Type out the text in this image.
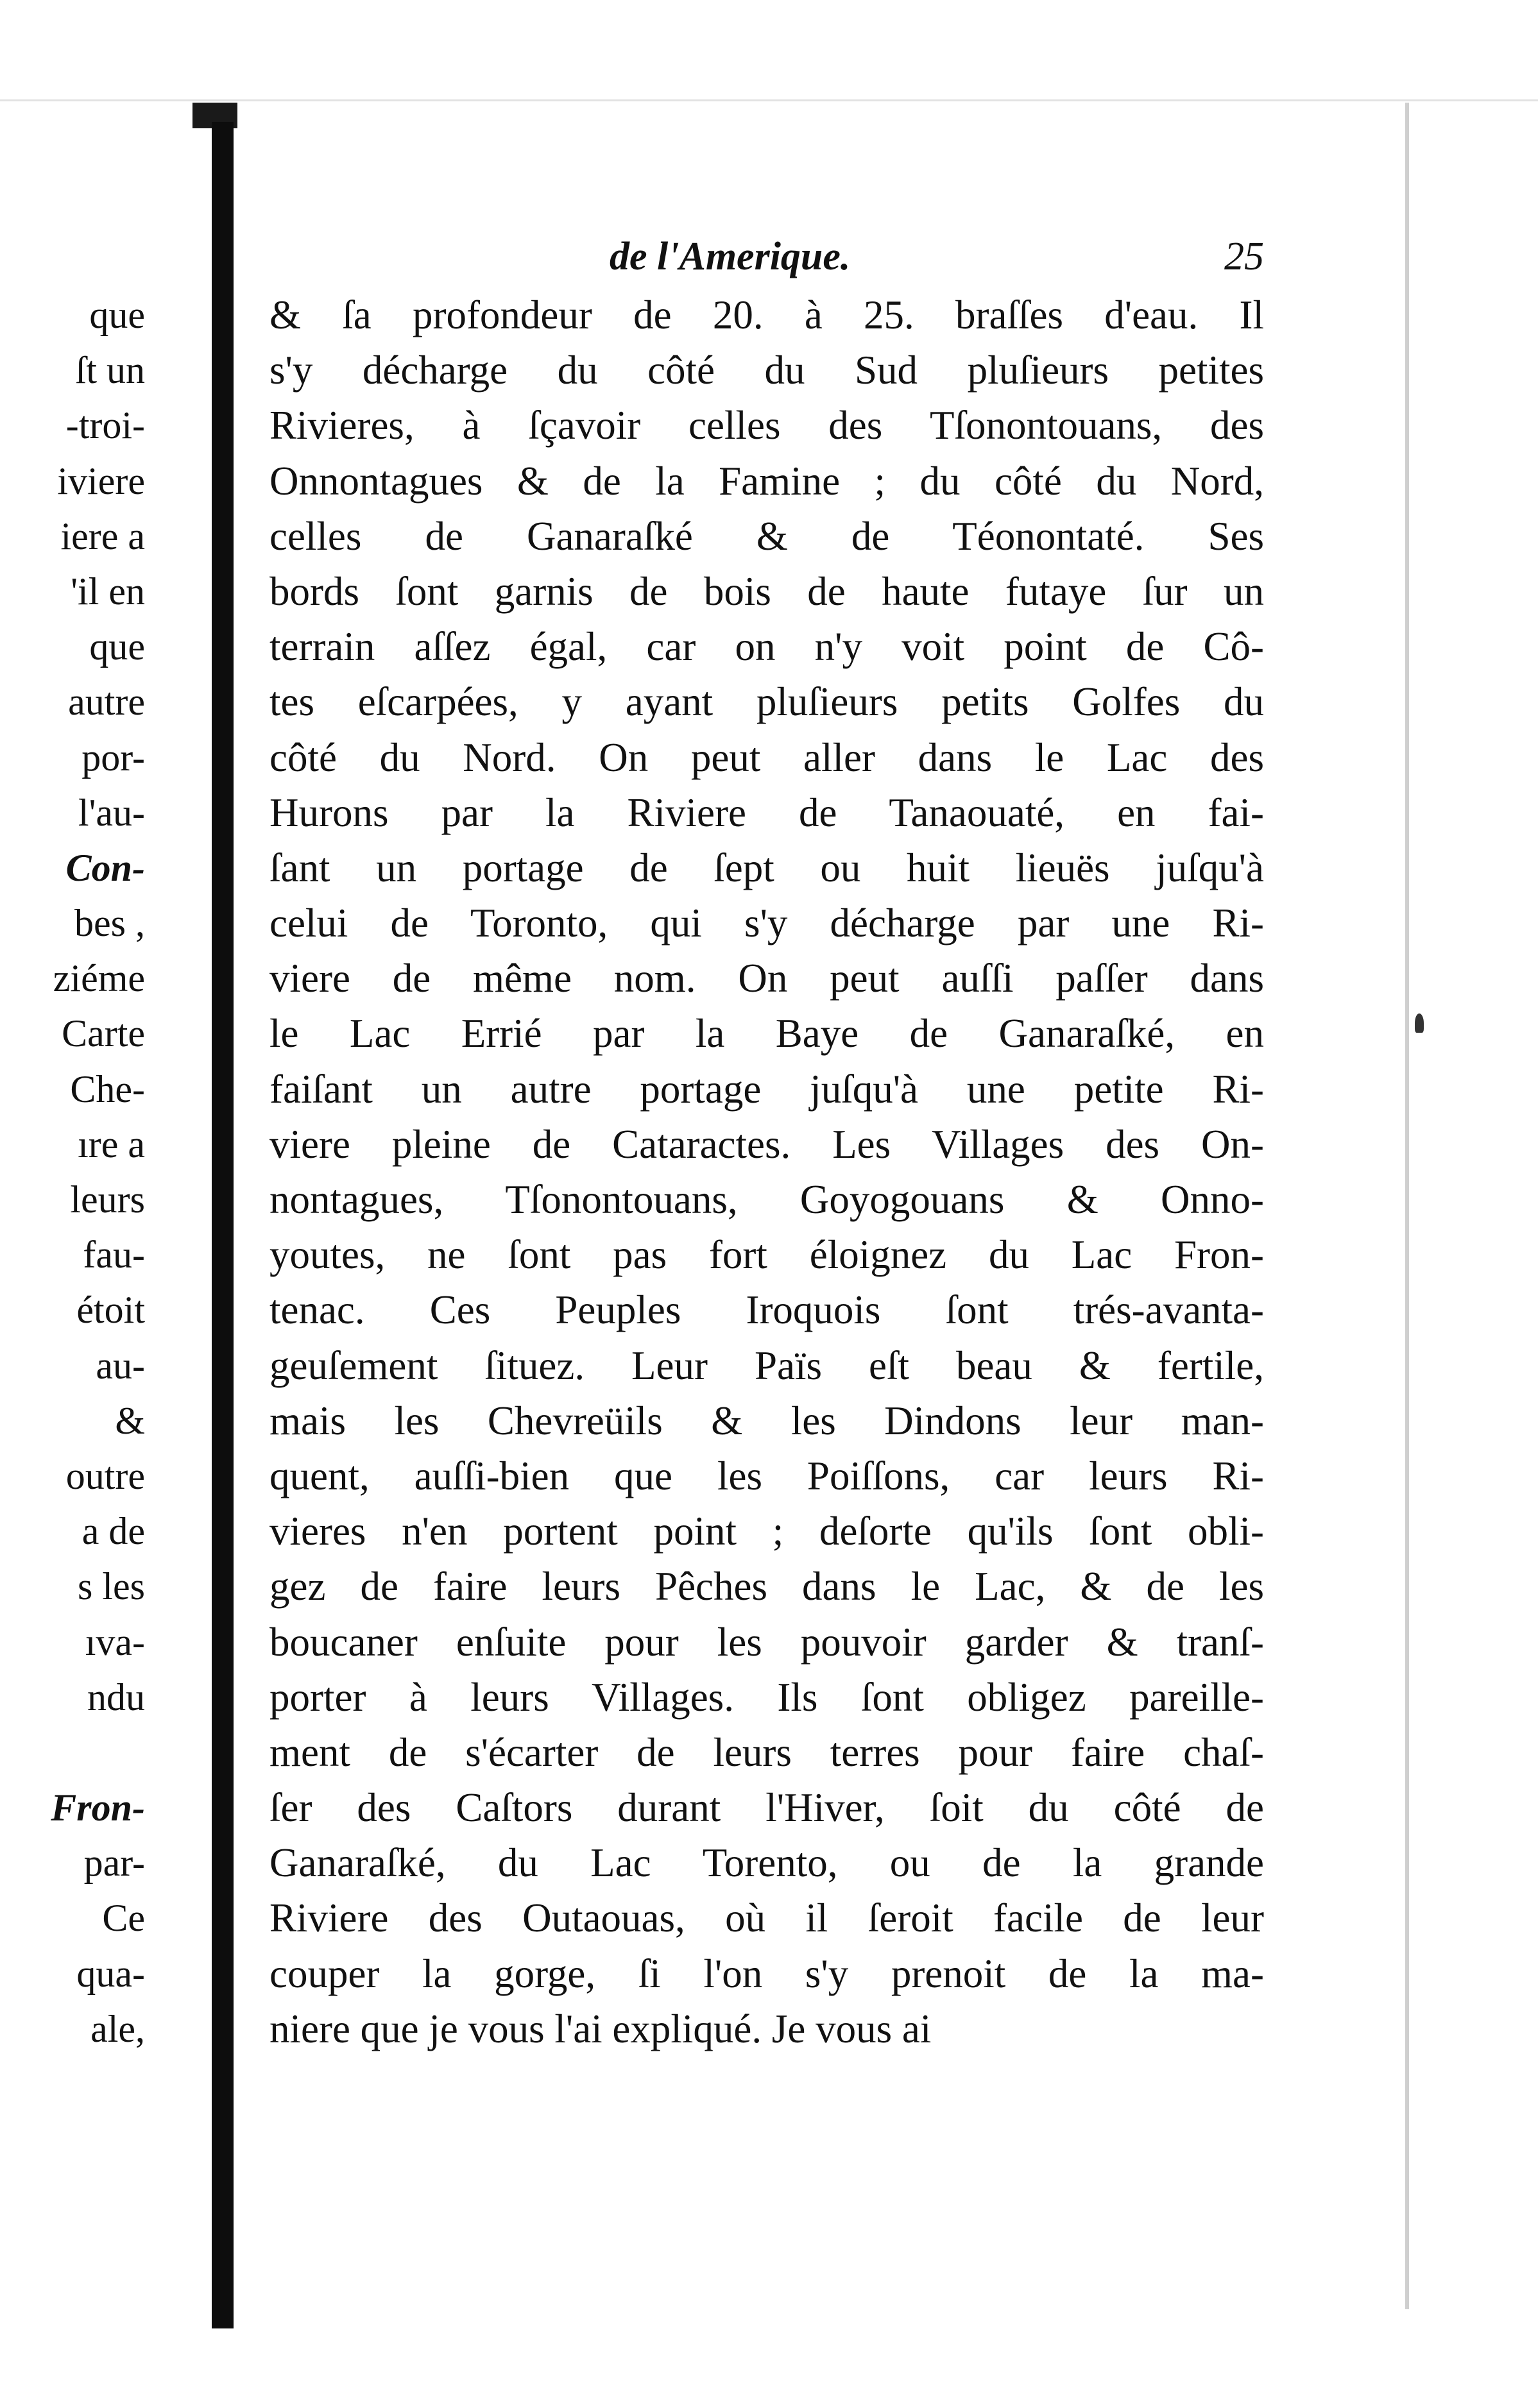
de l'Amerique.	25
que
ſt un
-troi-
iviere
iere a
'il en
que
autre
por-
l'au-
Con-
bes ,
ziéme
Carte
Che-
ıre a
leurs
fau-
étoit
au-
&
outre
a de
s les
ıva-
ndu
Fron-
par-
Ce
qua-
ale,
& ſa profondeur de 20. à 25. braſſes d'eau. Il
s'y décharge du côté du Sud pluſieurs petites
Rivieres, à ſçavoir celles des Tſonontouans, des
Onnontagues & de la Famine ; du côté du Nord,
celles de Ganaraſké & de Téonontaté. Ses
bords ſont garnis de bois de haute futaye ſur un
terrain aſſez égal, car on n'y voit point de Cô-
tes eſcarpées, y ayant pluſieurs petits Golfes du
côté du Nord. On peut aller dans le Lac des
Hurons par la Riviere de Tanaouaté, en fai-
ſant un portage de ſept ou huit lieuës juſqu'à
celui de Toronto, qui s'y décharge par une Ri-
viere de même nom. On peut auſſi paſſer dans
le Lac Errié par la Baye de Ganaraſké, en
faiſant un autre portage juſqu'à une petite Ri-
viere pleine de Cataractes. Les Villages des On-
nontagues, Tſonontouans, Goyogouans & Onno-
youtes, ne ſont pas fort éloignez du Lac Fron-
tenac. Ces Peuples Iroquois ſont trés-avanta-
geuſement ſituez. Leur Païs eſt beau & fertile,
mais les Chevreüils & les Dindons leur man-
quent, auſſi-bien que les Poiſſons, car leurs Ri-
vieres n'en portent point ; deſorte qu'ils ſont obli-
gez de faire leurs Pêches dans le Lac, & de les
boucaner enſuite pour les pouvoir garder & tranſ-
porter à leurs Villages. Ils ſont obligez pareille-
ment de s'écarter de leurs terres pour faire chaſ-
ſer des Caſtors durant l'Hiver, ſoit du côté de
Ganaraſké, du Lac Torento, ou de la grande
Riviere des Outaouas, où il ſeroit facile de leur
couper la gorge, ſi l'on s'y prenoit de la ma-
niere que je vous l'ai expliqué. Je vous ai
